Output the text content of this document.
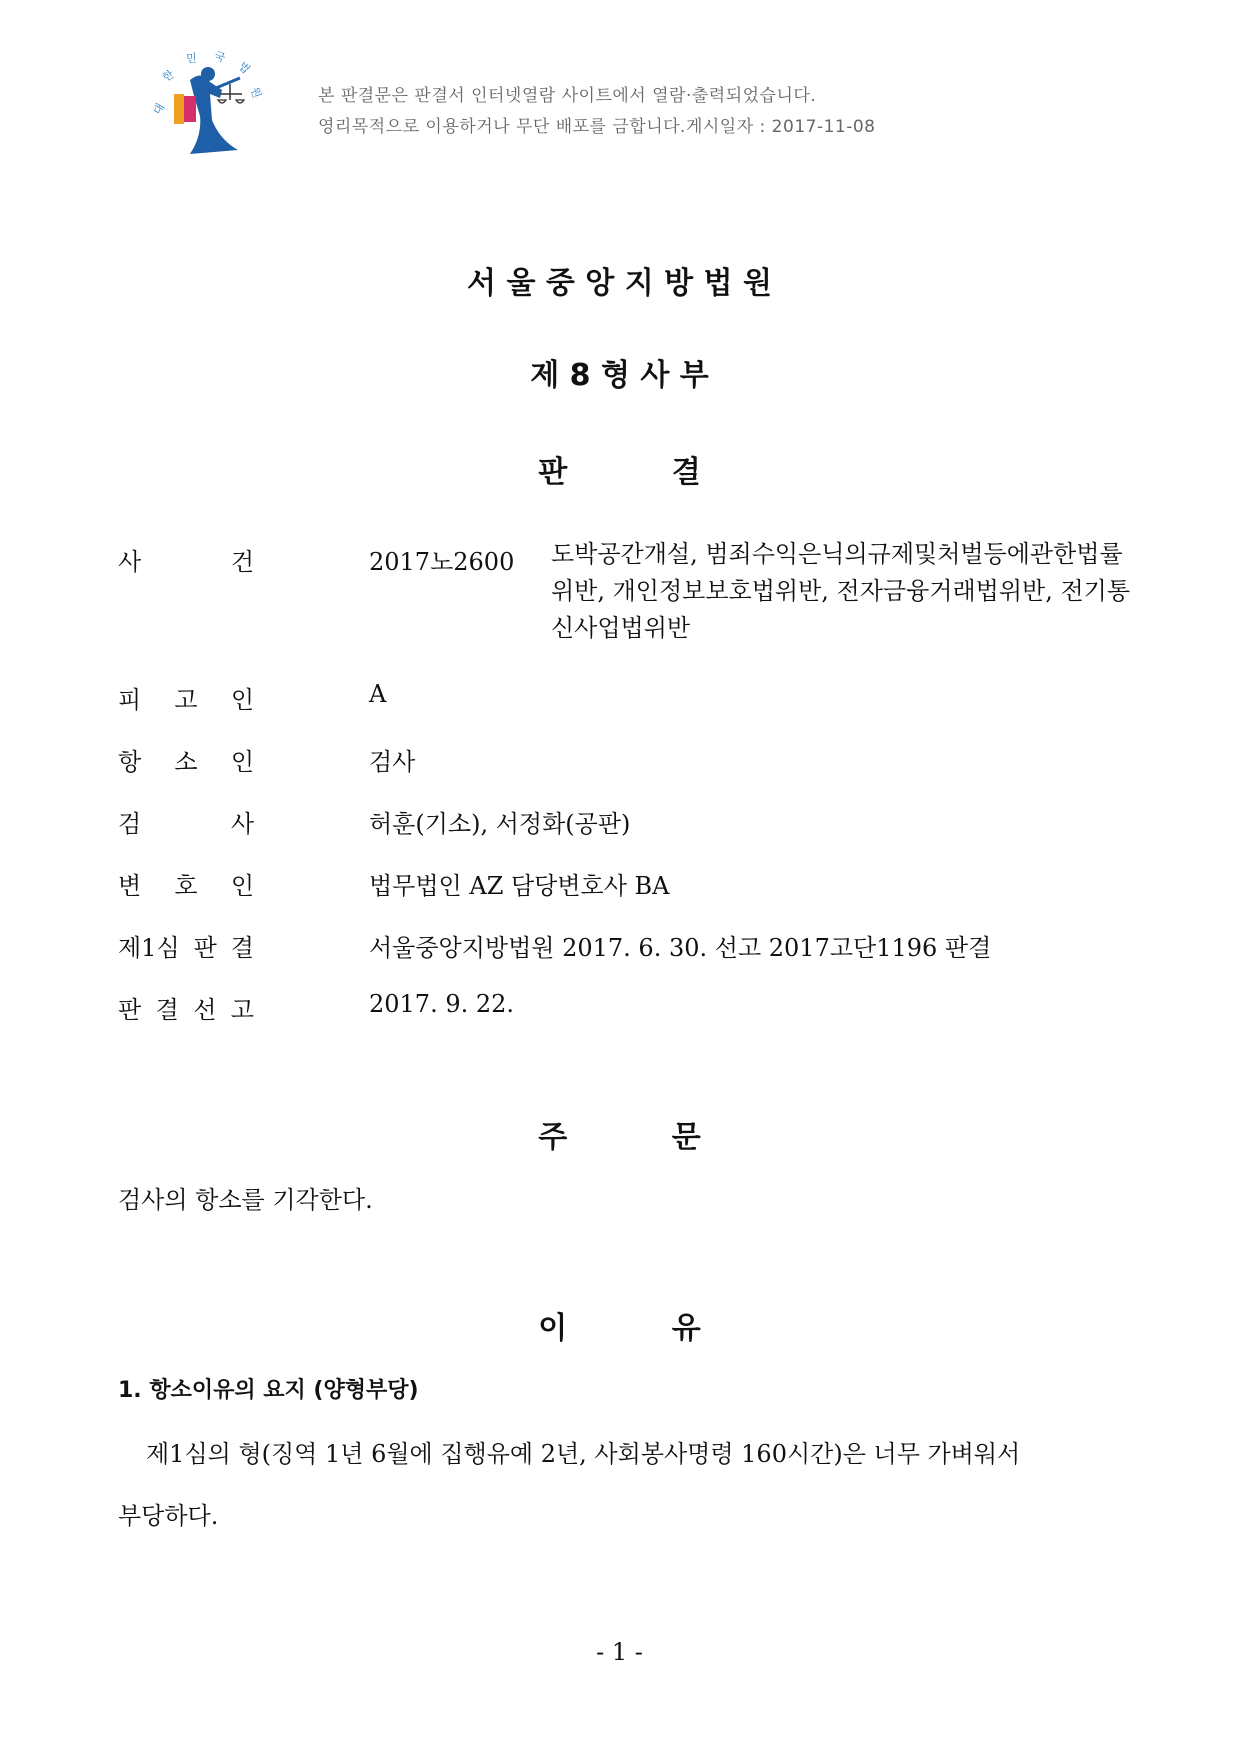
대
한
민 국
법
원	본 판결문은 판결서 인터넷열람 사이트에서 열람·출력되었습니다.
영리목적으로 이용하거나 무단 배포를 금합니다.게시일자 : 2017-11-08
서 울 중 앙 지 방 법 원
제 8 형 사 부
판          결
사	건	2017노2600 도박공간개설, 범죄수익은닉의규제및처벌등에관한법률위반, 개인정보보호법위반, 전자금융거래법위반, 전기통신사업법위반
피 고 인	A
항 소 인	검사
검	사	허훈(기소), 서정화(공판)
변 호 인	법무법인 AZ 담당변호사 BA
제1심 판 결	서울중앙지방법원 2017. 6. 30. 선고 2017고단1196 판결
판 결 선 고	2017. 9. 22.
주          문
검사의 항소를 기각한다.
이          유
1. 항소이유의 요지 (양형부당)
제1심의 형(징역 1년 6월에 집행유예 2년, 사회봉사명령 160시간)은 너무 가벼워서
부당하다.
- 1 -
